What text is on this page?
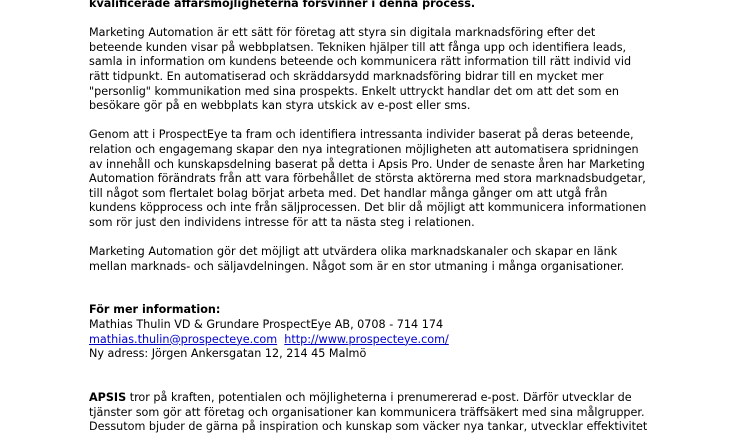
kvalificerade affärsmöjligheterna försvinner i denna process.
Marketing Automation är ett sätt för företag att styra sin digitala marknadsföring efter det
beteende kunden visar på webbplatsen. Tekniken hjälper till att fånga upp och identifiera leads,
samla in information om kundens beteende och kommunicera rätt information till rätt individ vid
rätt tidpunkt. En automatiserad och skräddarsydd marknadsföring bidrar till en mycket mer
"personlig" kommunikation med sina prospekts. Enkelt uttryckt handlar det om att det som en
besökare gör på en webbplats kan styra utskick av e-post eller sms.
Genom att i ProspectEye ta fram och identifiera intressanta individer baserat på deras beteende,
relation och engagemang skapar den nya integrationen möjligheten att automatisera spridningen
av innehåll och kunskapsdelning baserat på detta i Apsis Pro. Under de senaste åren har Marketing
Automation förändrats från att vara förbehållet de största aktörerna med stora marknadsbudgetar,
till något som flertalet bolag börjat arbeta med. Det handlar många gånger om att utgå från
kundens köpprocess och inte från säljprocessen. Det blir då möjligt att kommunicera informationen
som rör just den individens intresse för att ta nästa steg i relationen.
Marketing Automation gör det möjligt att utvärdera olika marknadskanaler och skapar en länk
mellan marknads- och säljavdelningen. Något som är en stor utmaning i många organisationer.
För mer information:
Mathias Thulin VD & Grundare ProspectEye AB, 0708 - 714 174
mathias.thulin@prospecteye.com http://www.prospecteye.com/
Ny adress: Jörgen Ankersgatan 12, 214 45 Malmö
APSIS tror på kraften, potentialen och möjligheterna i prenumererad e-post. Därför utvecklar de
tjänster som gör att företag och organisationer kan kommunicera träffsäkert med sina målgrupper.
Dessutom bjuder de gärna på inspiration och kunskap som väcker nya tankar, utvecklar effektivitet
